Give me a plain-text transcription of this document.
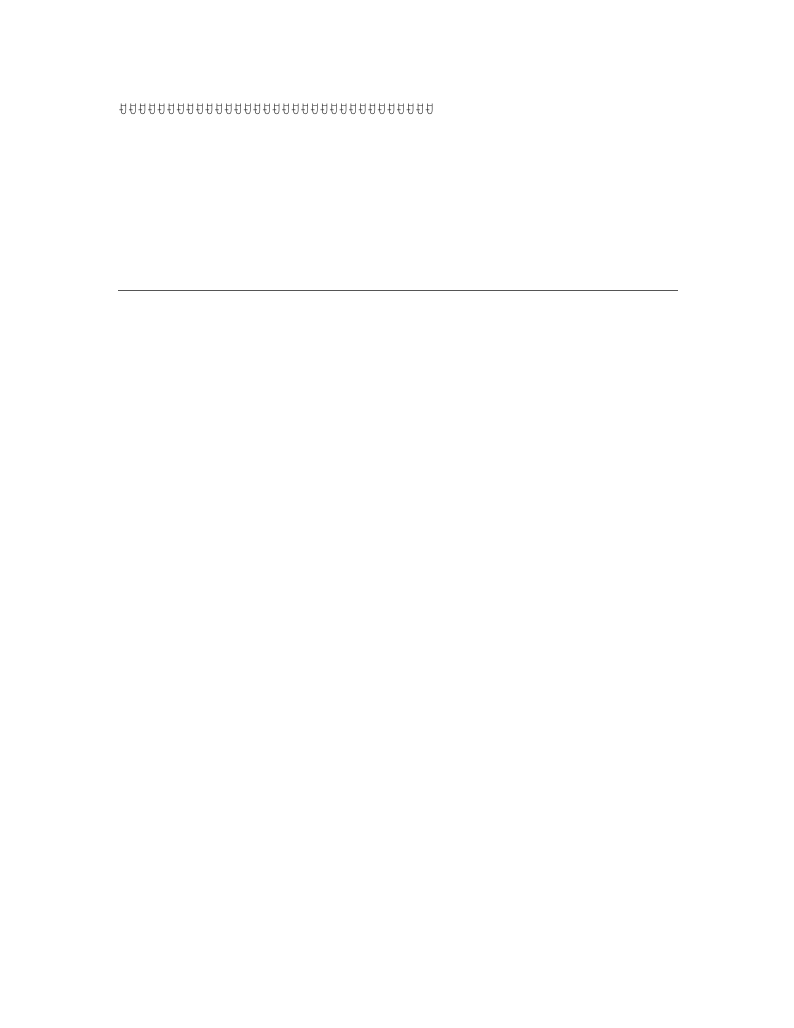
﻿ꀀꀀꀀꀀꀀꀀꀀꀀꀀꀀꀀꀀꀀꀀꀀꀀꀀꀀꀀꀀꀀꀀꀀꀀꀀꀀꀀꀀꀀꀀꀀꀀꀀ
